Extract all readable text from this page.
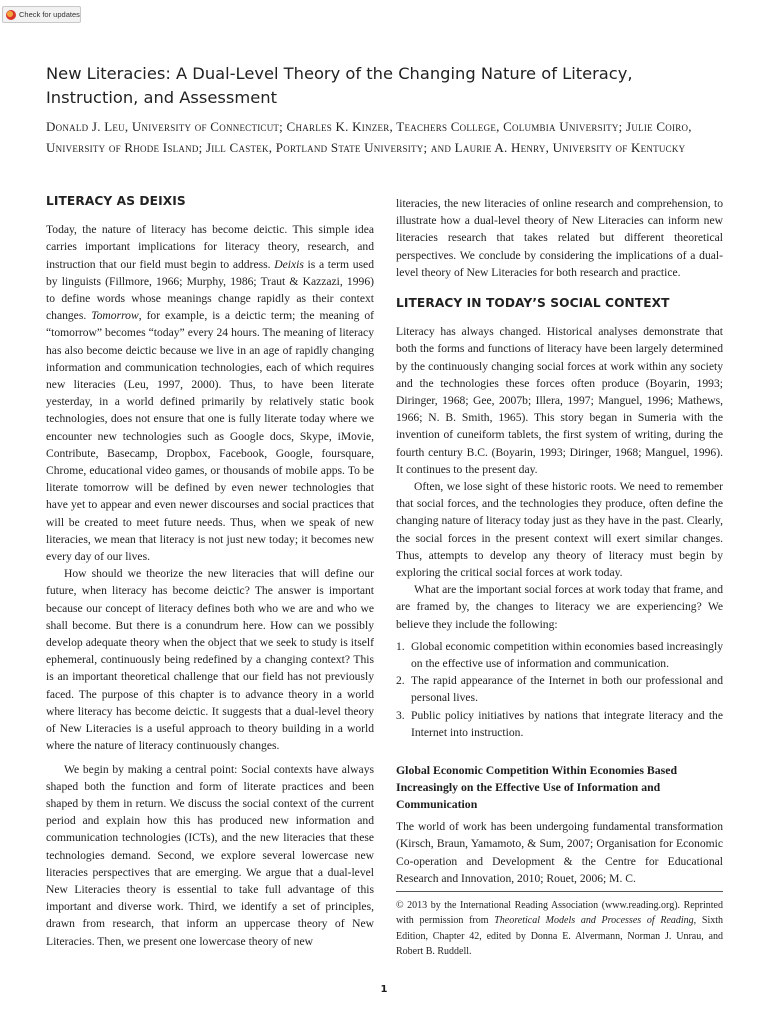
Check for updates
New Literacies: A Dual-Level Theory of the Changing Nature of Literacy, Instruction, and Assessment

Donald J. Leu, University of Connecticut; Charles K. Kinzer, Teachers College, Columbia University; Julie Coiro, University of Rhode Island; Jill Castek, Portland State University; and Laurie A. Henry, University of Kentucky

LITERACY AS DEIXIS

Today, the nature of literacy has become deictic. This simple idea carries important implications for literacy theory, research, and instruction that our field must begin to address. Deixis is a term used by linguists (Fillmore, 1966; Murphy, 1986; Traut & Kazzazi, 1996) to define words whose meanings change rapidly as their context changes. Tomorrow, for example, is a deictic term; the meaning of “tomorrow” becomes “today” every 24 hours. The meaning of literacy has also become deictic because we live in an age of rapidly changing information and communication technologies, each of which requires new literacies (Leu, 1997, 2000). Thus, to have been literate yesterday, in a world defined primarily by relatively static book technologies, does not ensure that one is fully literate today where we encounter new technologies such as Google docs, Skype, iMovie, Contribute, Basecamp, Dropbox, Facebook, Google, foursquare, Chrome, educational video games, or thousands of mobile apps. To be literate tomorrow will be defined by even newer technologies that have yet to appear and even newer discourses and social practices that will be created to meet future needs. Thus, when we speak of new literacies, we mean that literacy is not just new today; it becomes new every day of our lives.

How should we theorize the new literacies that will define our future, when literacy has become deictic? The answer is important because our concept of literacy defines both who we are and who we shall become. But there is a conundrum here. How can we possibly develop adequate theory when the object that we seek to study is itself ephemeral, continuously being redefined by a changing context? This is an important theoretical challenge that our field has not previously faced. The purpose of this chapter is to advance theory in a world where literacy has become deictic. It suggests that a dual-level theory of New Literacies is a useful approach to theory building in a world where the nature of literacy continuously changes.

We begin by making a central point: Social contexts have always shaped both the function and form of literate practices and been shaped by them in return. We discuss the social context of the current period and explain how this has produced new information and communication technologies (ICTs), and the new literacies that these technologies demand. Second, we explore several lowercase new literacies perspectives that are emerging. We argue that a dual-level New Literacies theory is essential to take full advantage of this important and diverse work. Third, we identify a set of principles, drawn from research, that inform an uppercase theory of New Literacies. Then, we present one lowercase theory of new

literacies, the new literacies of online research and comprehension, to illustrate how a dual-level theory of New Literacies can inform new literacies research that takes related but different theoretical perspectives. We conclude by considering the implications of a dual-level theory of New Literacies for both research and practice.

LITERACY IN TODAY’S SOCIAL CONTEXT

Literacy has always changed. Historical analyses demonstrate that both the forms and functions of literacy have been largely determined by the continuously changing social forces at work within any society and the technologies these forces often produce (Boyarin, 1993; Diringer, 1968; Gee, 2007b; Illera, 1997; Manguel, 1996; Mathews, 1966; N. B. Smith, 1965). This story began in Sumeria with the invention of cuneiform tablets, the first system of writing, during the fourth century B.C. (Boyarin, 1993; Diringer, 1968; Manguel, 1996). It continues to the present day.

Often, we lose sight of these historic roots. We need to remember that social forces, and the technologies they produce, often define the changing nature of literacy today just as they have in the past. Clearly, the social forces in the present context will exert similar changes. Thus, attempts to develop any theory of literacy must begin by exploring the critical social forces at work today.

What are the important social forces at work today that frame, and are framed by, the changes to literacy we are experiencing? We believe they include the following:

1. Global economic competition within economies based increasingly on the effective use of information and communication.
2. The rapid appearance of the Internet in both our professional and personal lives.
3. Public policy initiatives by nations that integrate literacy and the Internet into instruction.
Global Economic Competition Within Economies Based Increasingly on the Effective Use of Information and Communication

The world of work has been undergoing fundamental transformation (Kirsch, Braun, Yamamoto, & Sum, 2007; Organisation for Economic Co-operation and Development & the Centre for Educational Research and Innovation, 2010; Rouet, 2006; M. C.

© 2013 by the International Reading Association (www.reading.org). Reprinted with permission from Theoretical Models and Processes of Reading, Sixth Edition, Chapter 42, edited by Donna E. Alvermann, Norman J. Unrau, and Robert B. Ruddell.

1
